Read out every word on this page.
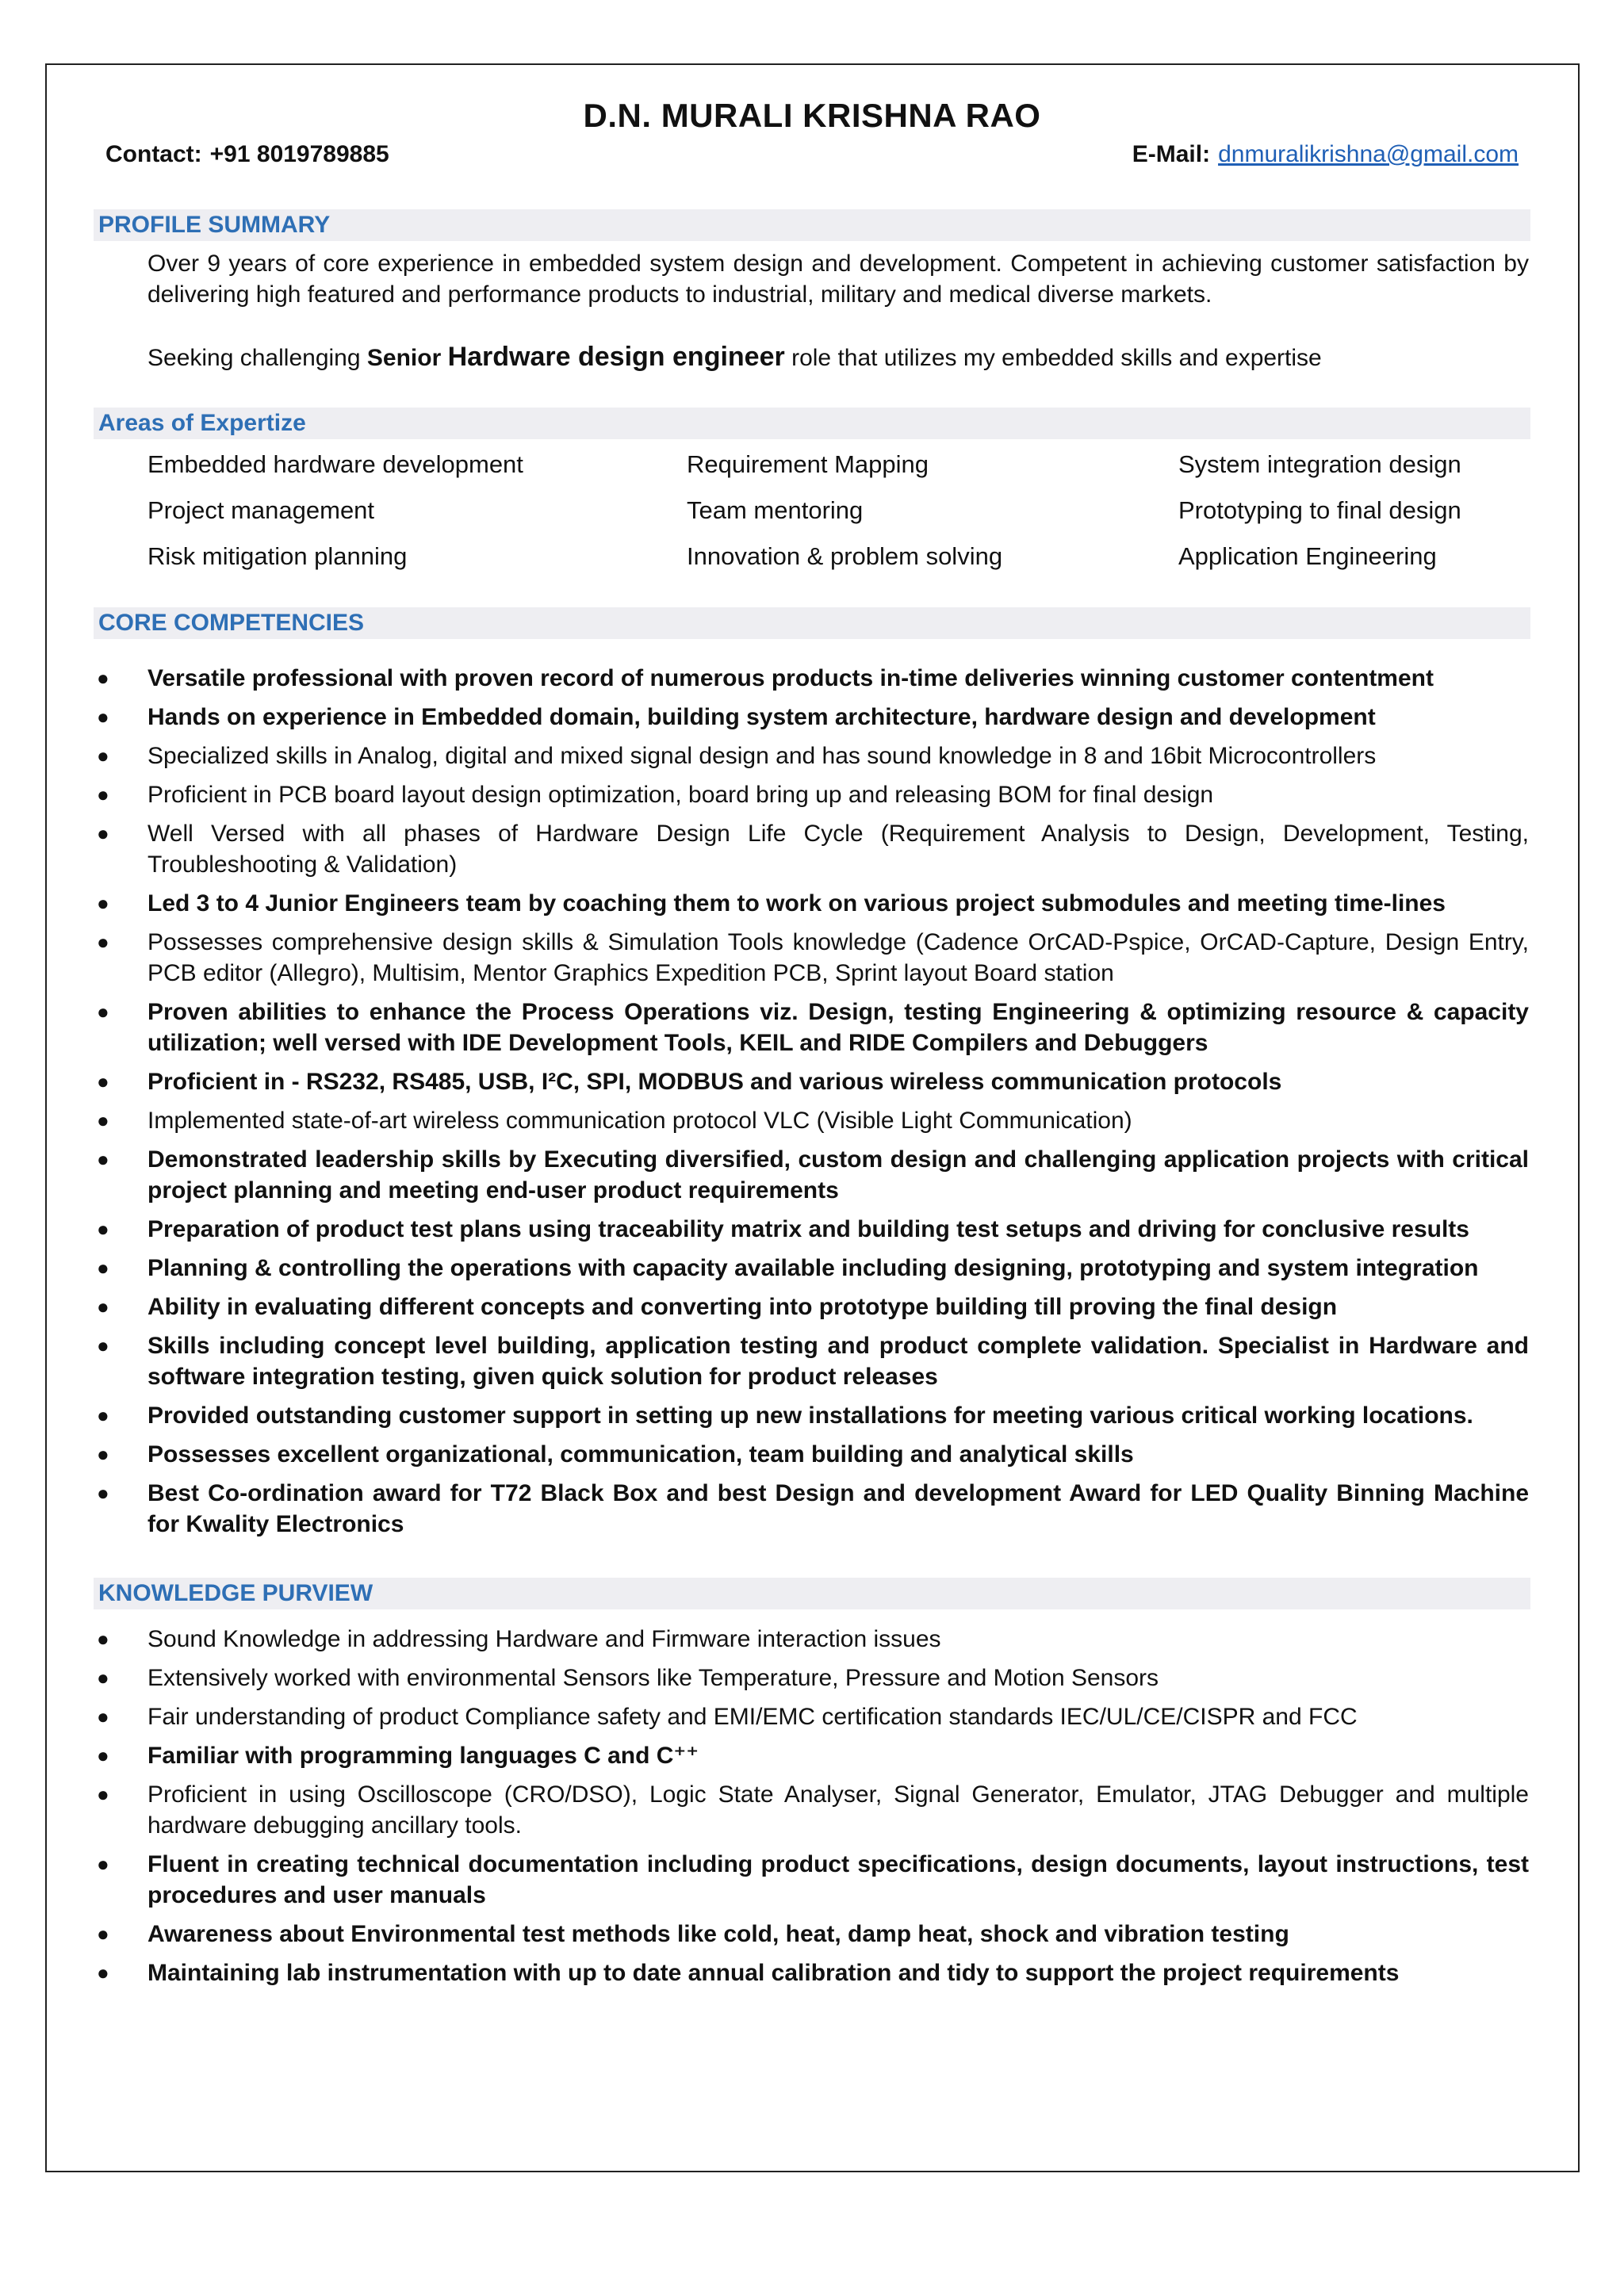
D.N. MURALI KRISHNA RAO
Contact: +91 8019789885	E-Mail: dnmuralikrishna@gmail.com
PROFILE SUMMARY
Over 9 years of core experience in embedded system design and development. Competent in achieving customer satisfaction by delivering high featured and performance products to industrial, military and medical diverse markets.
Seeking challenging Senior Hardware design engineer role that utilizes my embedded skills and expertise
Areas of Expertize
Embedded hardware development	Requirement Mapping	System integration design
Project management	Team mentoring	Prototyping to final design
Risk mitigation planning	Innovation & problem solving	Application Engineering
CORE COMPETENCIES
● Versatile professional with proven record of numerous products in-time deliveries winning customer contentment
● Hands on experience in Embedded domain, building system architecture, hardware design and development
● Specialized skills in Analog, digital and mixed signal design and has sound knowledge in 8 and 16bit Microcontrollers
● Proficient in PCB board layout design optimization, board bring up and releasing BOM for final design
● Well Versed with all phases of Hardware Design Life Cycle (Requirement Analysis to Design, Development, Testing, Troubleshooting & Validation)
● Led 3 to 4 Junior Engineers team by coaching them to work on various project submodules and meeting time-lines
● Possesses comprehensive design skills & Simulation Tools knowledge (Cadence OrCAD-Pspice, OrCAD-Capture, Design Entry, PCB editor (Allegro), Multisim, Mentor Graphics Expedition PCB, Sprint layout Board station
● Proven abilities to enhance the Process Operations viz. Design, testing Engineering & optimizing resource & capacity utilization; well versed with IDE Development Tools, KEIL and RIDE Compilers and Debuggers
● Proficient in - RS232, RS485, USB, I²C, SPI, MODBUS and various wireless communication protocols
● Implemented state-of-art wireless communication protocol VLC (Visible Light Communication)
● Demonstrated leadership skills by Executing diversified, custom design and challenging application projects with critical project planning and meeting end-user product requirements
● Preparation of product test plans using traceability matrix and building test setups and driving for conclusive results
● Planning & controlling the operations with capacity available including designing, prototyping and system integration
● Ability in evaluating different concepts and converting into prototype building till proving the final design
● Skills including concept level building, application testing and product complete validation. Specialist in Hardware and software integration testing, given quick solution for product releases
● Provided outstanding customer support in setting up new installations for meeting various critical working locations.
● Possesses excellent organizational, communication, team building and analytical skills
● Best Co-ordination award for T72 Black Box and best Design and development Award for LED Quality Binning Machine for Kwality Electronics
KNOWLEDGE PURVIEW
● Sound Knowledge in addressing Hardware and Firmware interaction issues
● Extensively worked with environmental Sensors like Temperature, Pressure and Motion Sensors
● Fair understanding of product Compliance safety and EMI/EMC certification standards IEC/UL/CE/CISPR and FCC
● Familiar with programming languages C and C⁺⁺
● Proficient in using Oscilloscope (CRO/DSO), Logic State Analyser, Signal Generator, Emulator, JTAG Debugger and multiple hardware debugging ancillary tools.
● Fluent in creating technical documentation including product specifications, design documents, layout instructions, test procedures and user manuals
● Awareness about Environmental test methods like cold, heat, damp heat, shock and vibration testing
● Maintaining lab instrumentation with up to date annual calibration and tidy to support the project requirements
